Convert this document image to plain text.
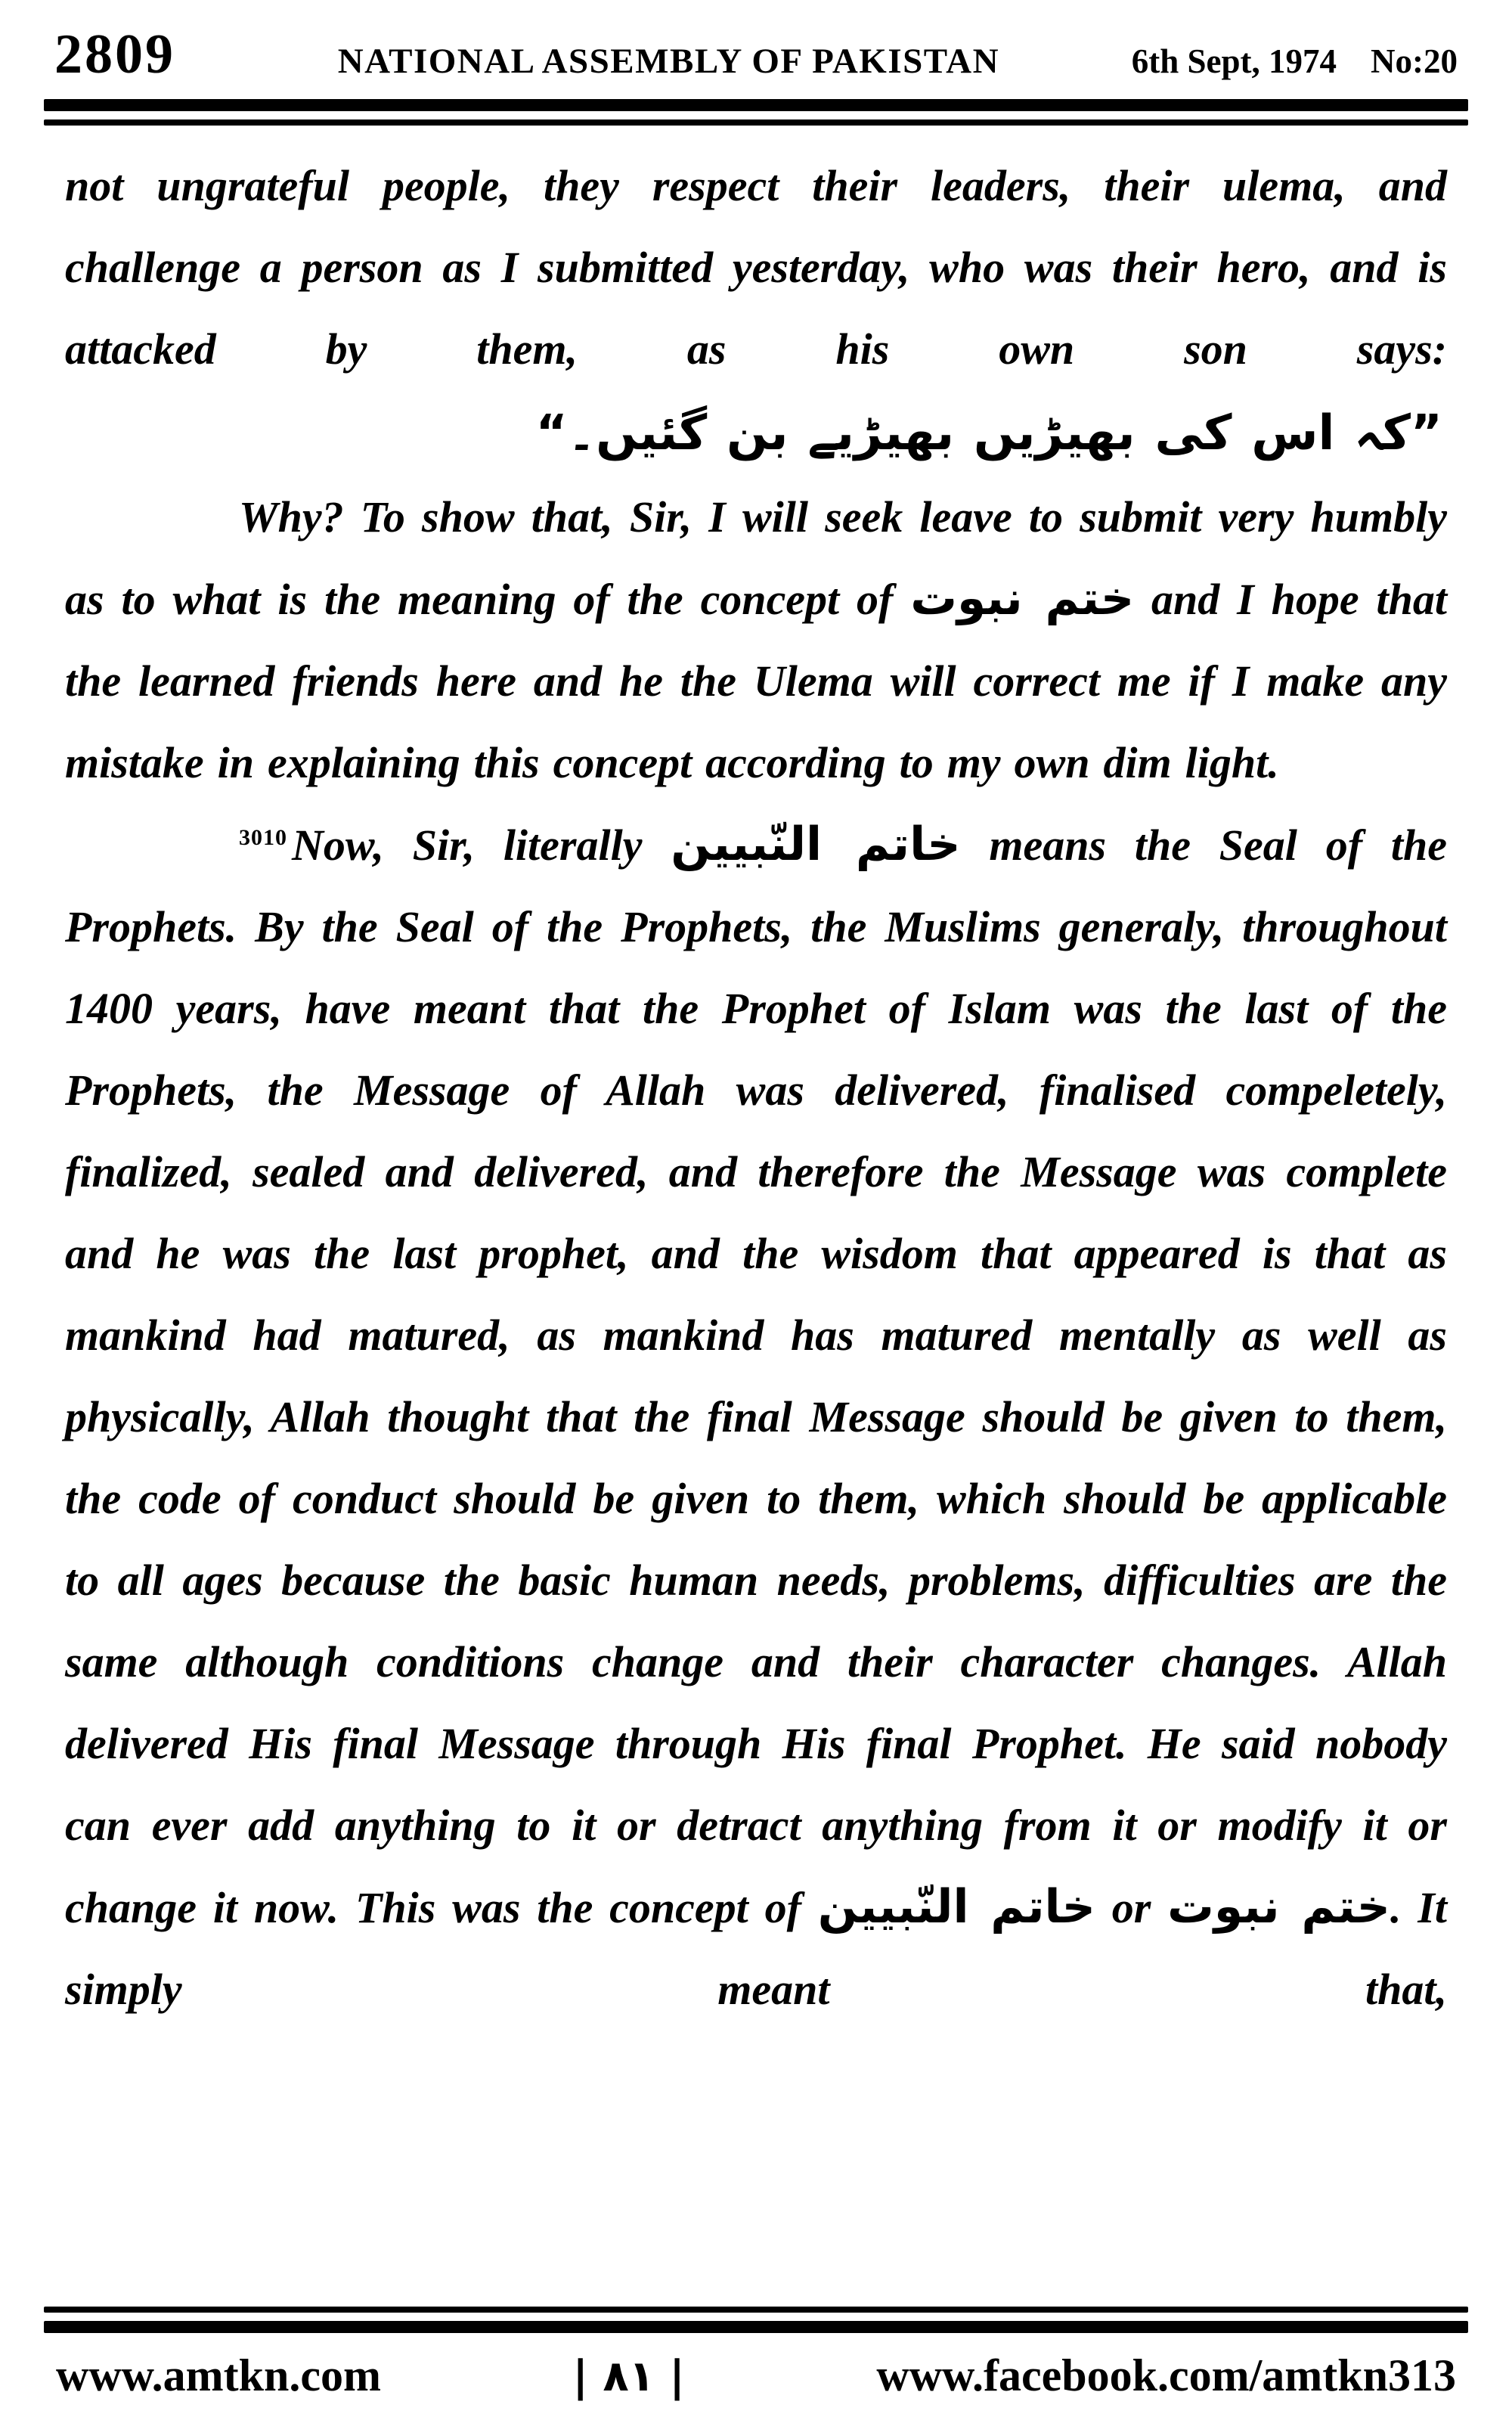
2809	NATIONAL ASSEMBLY OF PAKISTAN	6th Sept, 1974 No:20

not ungrateful people, they respect their leaders, their ulema, and challenge a person as I submitted yesterday, who was their hero, and is attacked by them, as his own son says:

”کہ اس کی بھیڑیں بھیڑیے بن گئیں۔“

Why? To show that, Sir, I will seek leave to submit very humbly as to what is the meaning of the concept of ختم نبوت and I hope that the learned friends here and he the Ulema will correct me if I make any mistake in explaining this concept according to my own dim light.

$^{3010}$ Now, Sir, literally خاتم النّبیین means the Seal of the Prophets. By the Seal of the Prophets, the Muslims generaly, throughout 1400 years, have meant that the Prophet of Islam was the last of the Prophets, the Message of Allah was delivered, finalised compeletely, finalized, sealed and delivered, and therefore the Message was complete and he was the last prophet, and the wisdom that appeared is that as mankind had matured, as mankind has matured mentally as well as physically, Allah thought that the final Message should be given to them, the code of conduct should be given to them, which should be applicable to all ages because the basic human needs, problems, difficulties are the same although conditions change and their character changes. Allah delivered His final Message through His final Prophet. He said nobody can ever add anything to it or detract anything from it or modify it or change it now. This was the concept of خاتم النّبیین or ختم نبوت. It simply meant that,

www.amtkn.com	| ٨١ |	www.facebook.com/amtkn313
